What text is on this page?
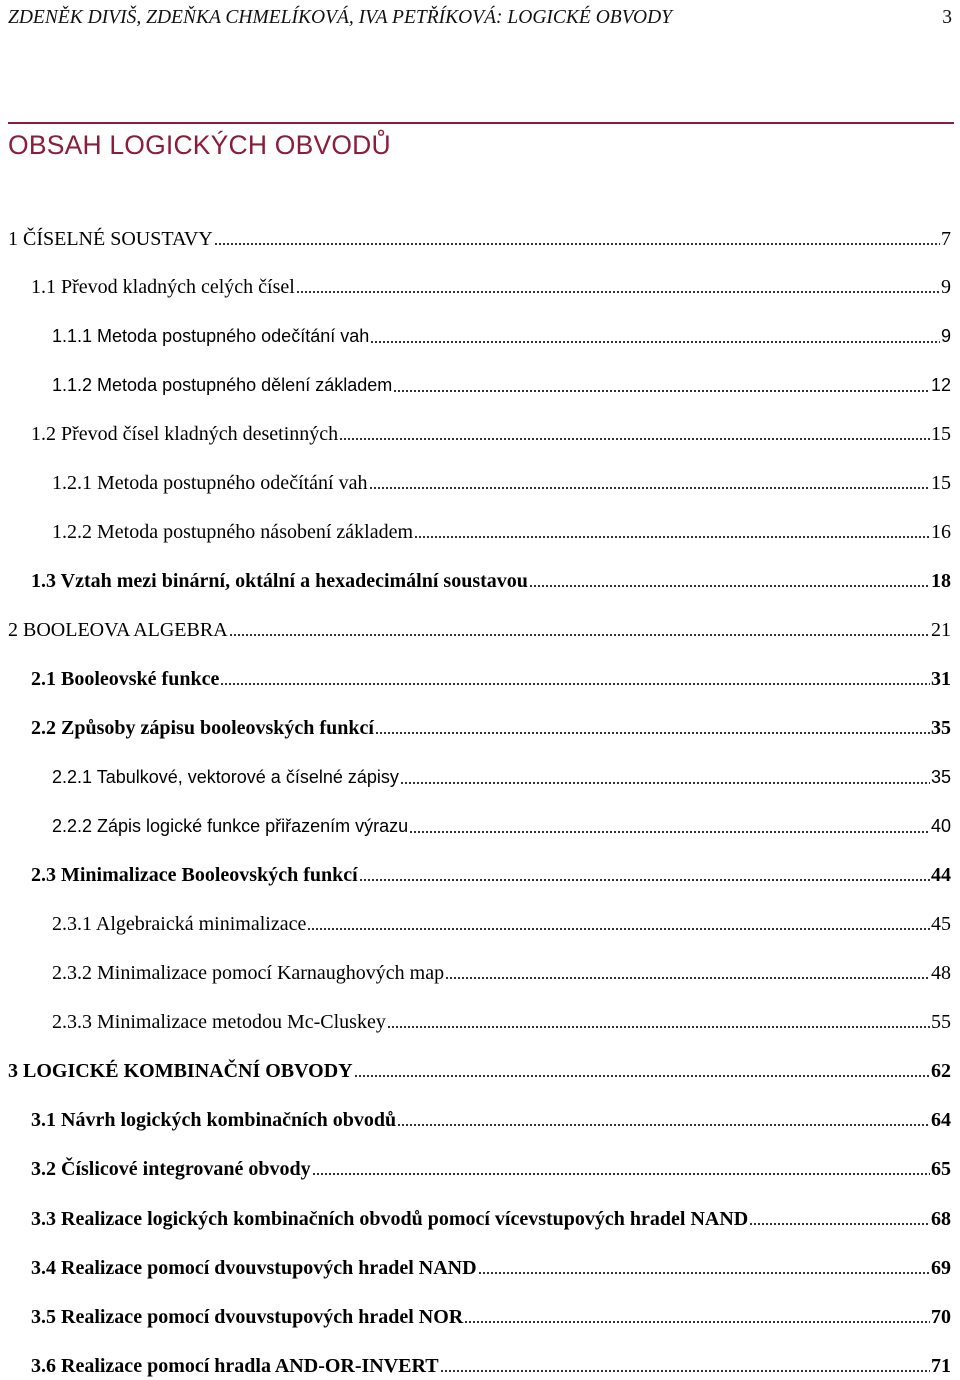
ZDENĚK DIVIŠ, ZDEŇKA CHMELÍKOVÁ, IVA PETŘÍKOVÁ: LOGICKÉ OBVODY	3
OBSAH LOGICKÝCH OBVODŮ
1 ČÍSELNÉ SOUSTAVY	7
1.1 Převod kladných celých čísel	9
1.1.1 Metoda postupného odečítání vah	9
1.1.2 Metoda postupného dělení základem	12
1.2 Převod čísel kladných desetinných	15
1.2.1 Metoda postupného odečítání vah	15
1.2.2 Metoda postupného násobení základem	16
1.3 Vztah mezi binární, oktální a hexadecimální soustavou	18
2 BOOLEOVA ALGEBRA	21
2.1 Booleovské funkce	31
2.2 Způsoby zápisu booleovských funkcí	35
2.2.1 Tabulkové, vektorové a číselné zápisy	35
2.2.2 Zápis logické funkce přiřazením výrazu	40
2.3 Minimalizace Booleovských funkcí	44
2.3.1 Algebraická minimalizace	45
2.3.2 Minimalizace pomocí Karnaughových map	48
2.3.3 Minimalizace metodou Mc-Cluskey	55
3 LOGICKÉ KOMBINAČNÍ OBVODY	62
3.1 Návrh logických kombinačních obvodů	64
3.2 Číslicové integrované obvody	65
3.3 Realizace logických kombinačních obvodů pomocí vícevstupových hradel NAND	68
3.4 Realizace pomocí dvouvstupových hradel NAND	69
3.5 Realizace pomocí dvouvstupových hradel NOR	70
3.6 Realizace pomocí hradla AND-OR-INVERT	71
